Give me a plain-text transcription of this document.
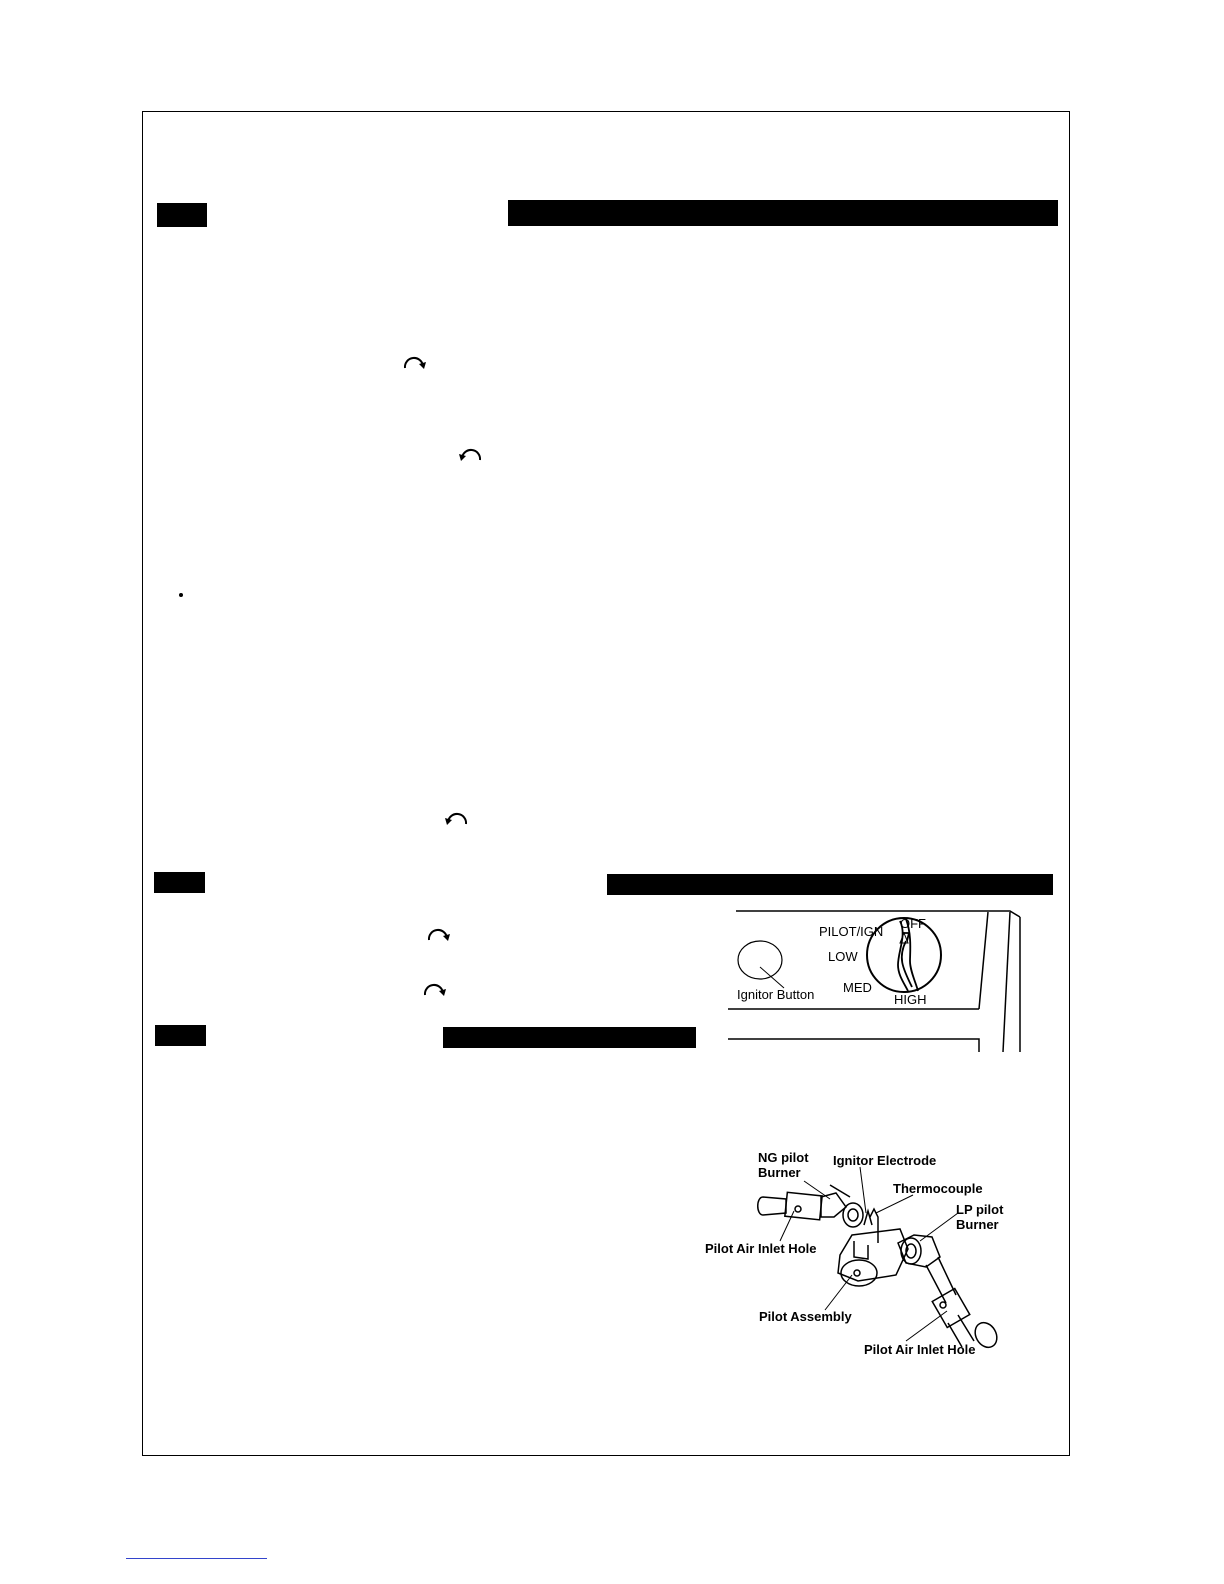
PILOT/IGN
OFF
LOW
MED
HIGH
Ignitor Button
NG pilot
Burner
Ignitor Electrode
Thermocouple
LP pilot
Burner
Pilot Air Inlet Hole
Pilot Assembly
Pilot Air Inlet Hole
